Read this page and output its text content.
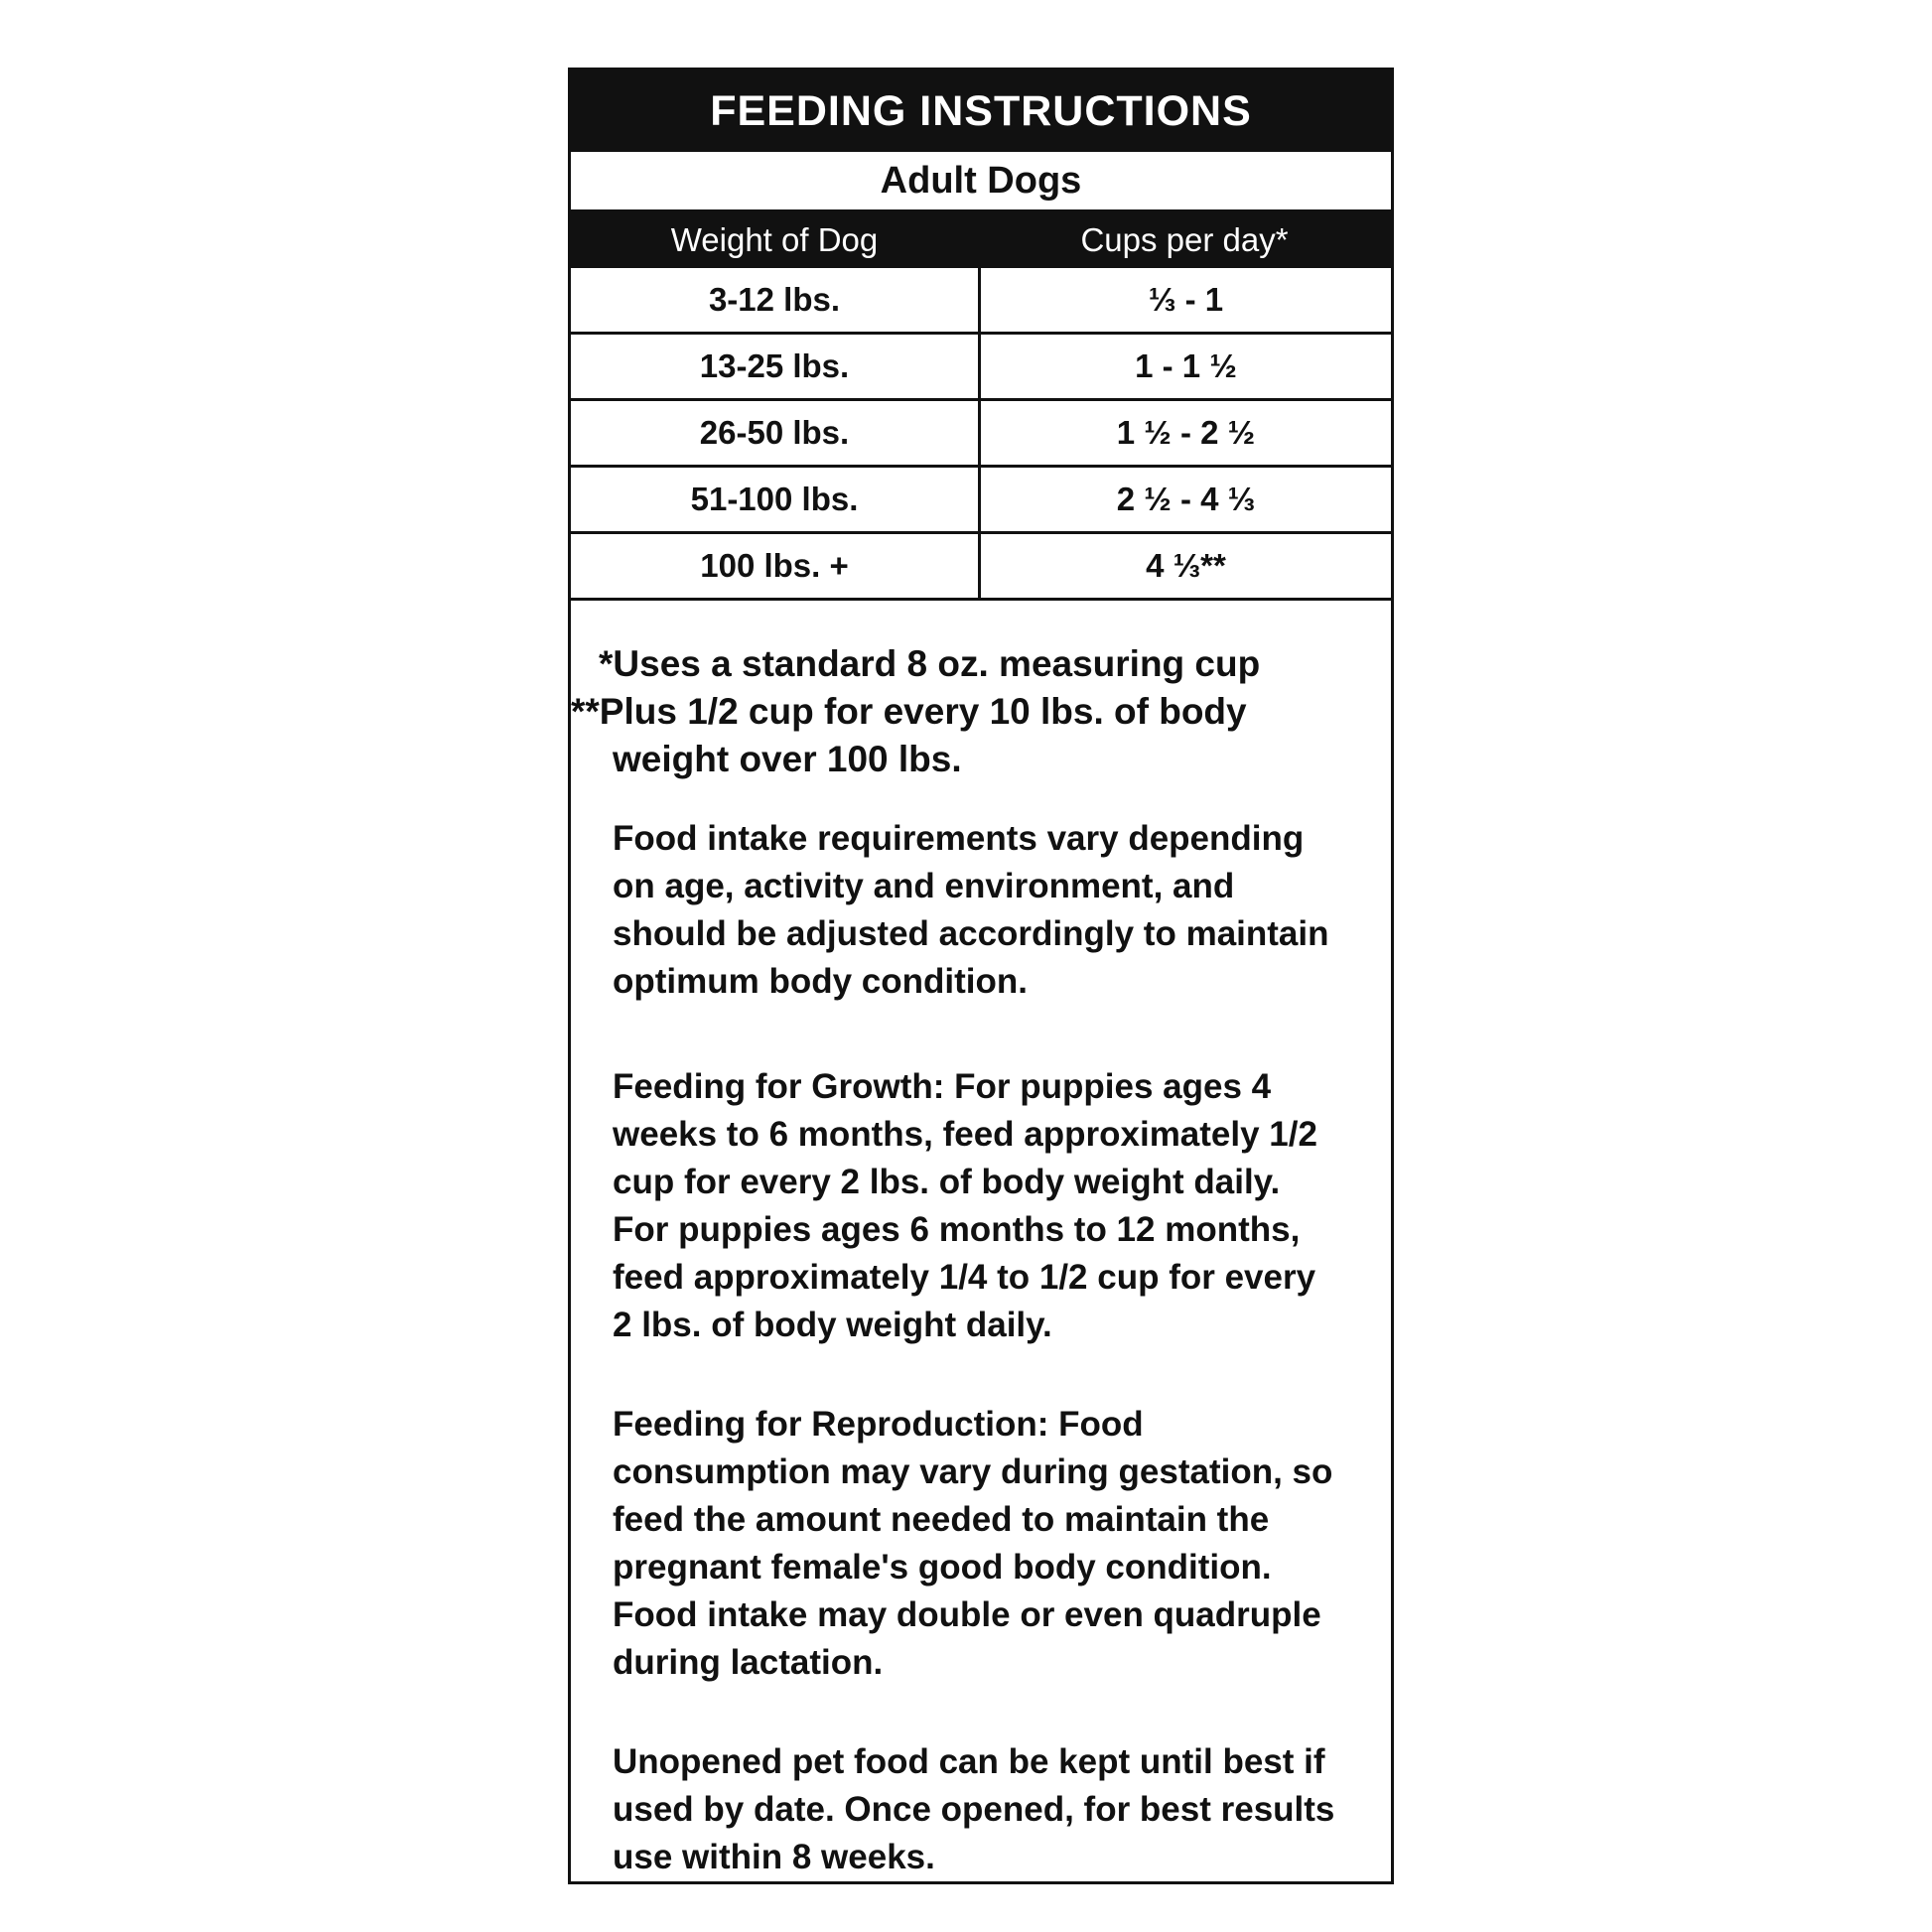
FEEDING INSTRUCTIONS
Adult Dogs
Weight of Dog	Cups per day*
3-12 lbs.	⅓ - 1
13-25 lbs.	1 - 1 ½
26-50 lbs.	1 ½ - 2 ½
51-100 lbs.	2 ½ - 4 ⅓
100 lbs. +	4 ⅓**

*Uses a standard 8 oz. measuring cup

**Plus 1/2 cup for every 10 lbs. of body
weight over 100 lbs.

Food intake requirements vary depending on age, activity and environment, and should be adjusted accordingly to maintain optimum body condition.

Feeding for Growth: For puppies ages 4 weeks to 6 months, feed approximately 1/2 cup for every 2 lbs. of body weight daily. For puppies ages 6 months to 12 months, feed approximately 1/4 to 1/2 cup for every 2 lbs. of body weight daily.

Feeding for Reproduction: Food consumption may vary during gestation, so feed the amount needed to maintain the pregnant female's good body condition. Food intake may double or even quadruple during lactation.

Unopened pet food can be kept until best if used by date. Once opened, for best results use within 8 weeks.
